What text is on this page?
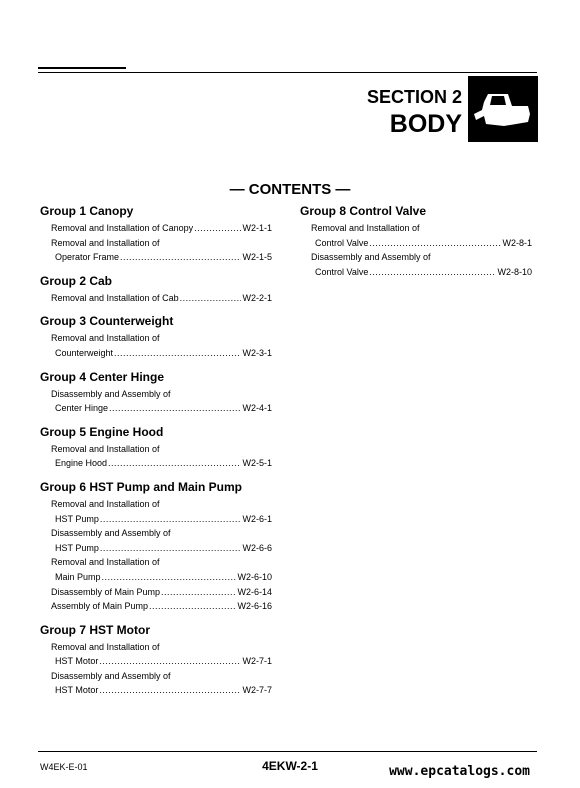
SECTION 2
BODY
— CONTENTS —
Group 1 Canopy
Removal and Installation of Canopy .....	W2-1-1
Removal and Installation of
Operator Frame .....	W2-1-5
Group 2 Cab
Removal and Installation of Cab .....	W2-2-1
Group 3 Counterweight
Removal and Installation of
Counterweight .....	W2-3-1
Group 4 Center Hinge
Disassembly and Assembly of
Center Hinge .....	W2-4-1
Group 5 Engine Hood
Removal and Installation of
Engine Hood .....	W2-5-1
Group 6 HST Pump and Main Pump
Removal and Installation of
HST Pump .....	W2-6-1
Disassembly and Assembly of
HST Pump .....	W2-6-6
Removal and Installation of
Main Pump .....	W2-6-10
Disassembly of Main Pump .....	W2-6-14
Assembly of Main Pump .....	W2-6-16
Group 7 HST Motor
Removal and Installation of
HST Motor .....	W2-7-1
Disassembly and Assembly of
HST Motor .....	W2-7-7
Group 8 Control Valve
Removal and Installation of
Control Valve .....	W2-8-1
Disassembly and Assembly of
Control Valve .....	W2-8-10
W4EK-E-01	4EKW-2-1	www.epcatalogs.com
